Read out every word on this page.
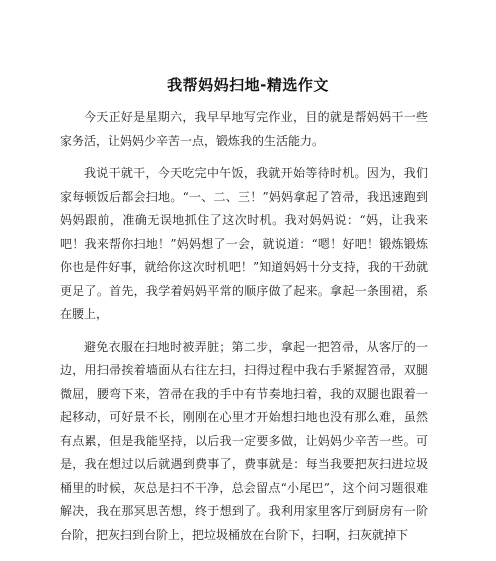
我帮妈妈扫地-精选作文

今天正好是星期六，我早早地写完作业，目的就是帮妈妈干一些家务活，让妈妈少辛苦一点，锻炼我的生活能力。

我说干就干，今天吃完中午饭，我就开始等待时机。因为，我们家每顿饭后都会扫地。“一、二、三！”妈妈拿起了笤帚，我迅速跑到妈妈跟前，准确无误地抓住了这次时机。我对妈妈说：“妈，让我来吧！我来帮你扫地！”妈妈想了一会，就说道：“嗯！好吧！锻炼锻炼你也是件好事，就给你这次时机吧！”知道妈妈十分支持，我的干劲就更足了。首先，我学着妈妈平常的顺序做了起来。拿起一条围裙，系在腰上，

避免衣服在扫地时被弄脏；第二步，拿起一把笤帚，从客厅的一边，用扫帚挨着墙面从右往左扫，扫得过程中我右手紧握笤帚，双腿微屈，腰弯下来，笤帚在我的手中有节奏地扫着，我的双腿也跟着一起移动，可好景不长，刚刚在心里才开始想扫地也没有那么难，虽然有点累，但是我能坚持，以后我一定要多做，让妈妈少辛苦一些。可是，我在想过以后就遇到费事了，费事就是：每当我要把灰扫进垃圾桶里的时候，灰总是扫不干净，总会留点“小尾巴”，这个问习题很难解决，我在那冥思苦想，终于想到了。我利用家里客厅到厨房有一阶台阶，把灰扫到台阶上，把垃圾桶放在台阶下，扫啊，扫灰就掉下
